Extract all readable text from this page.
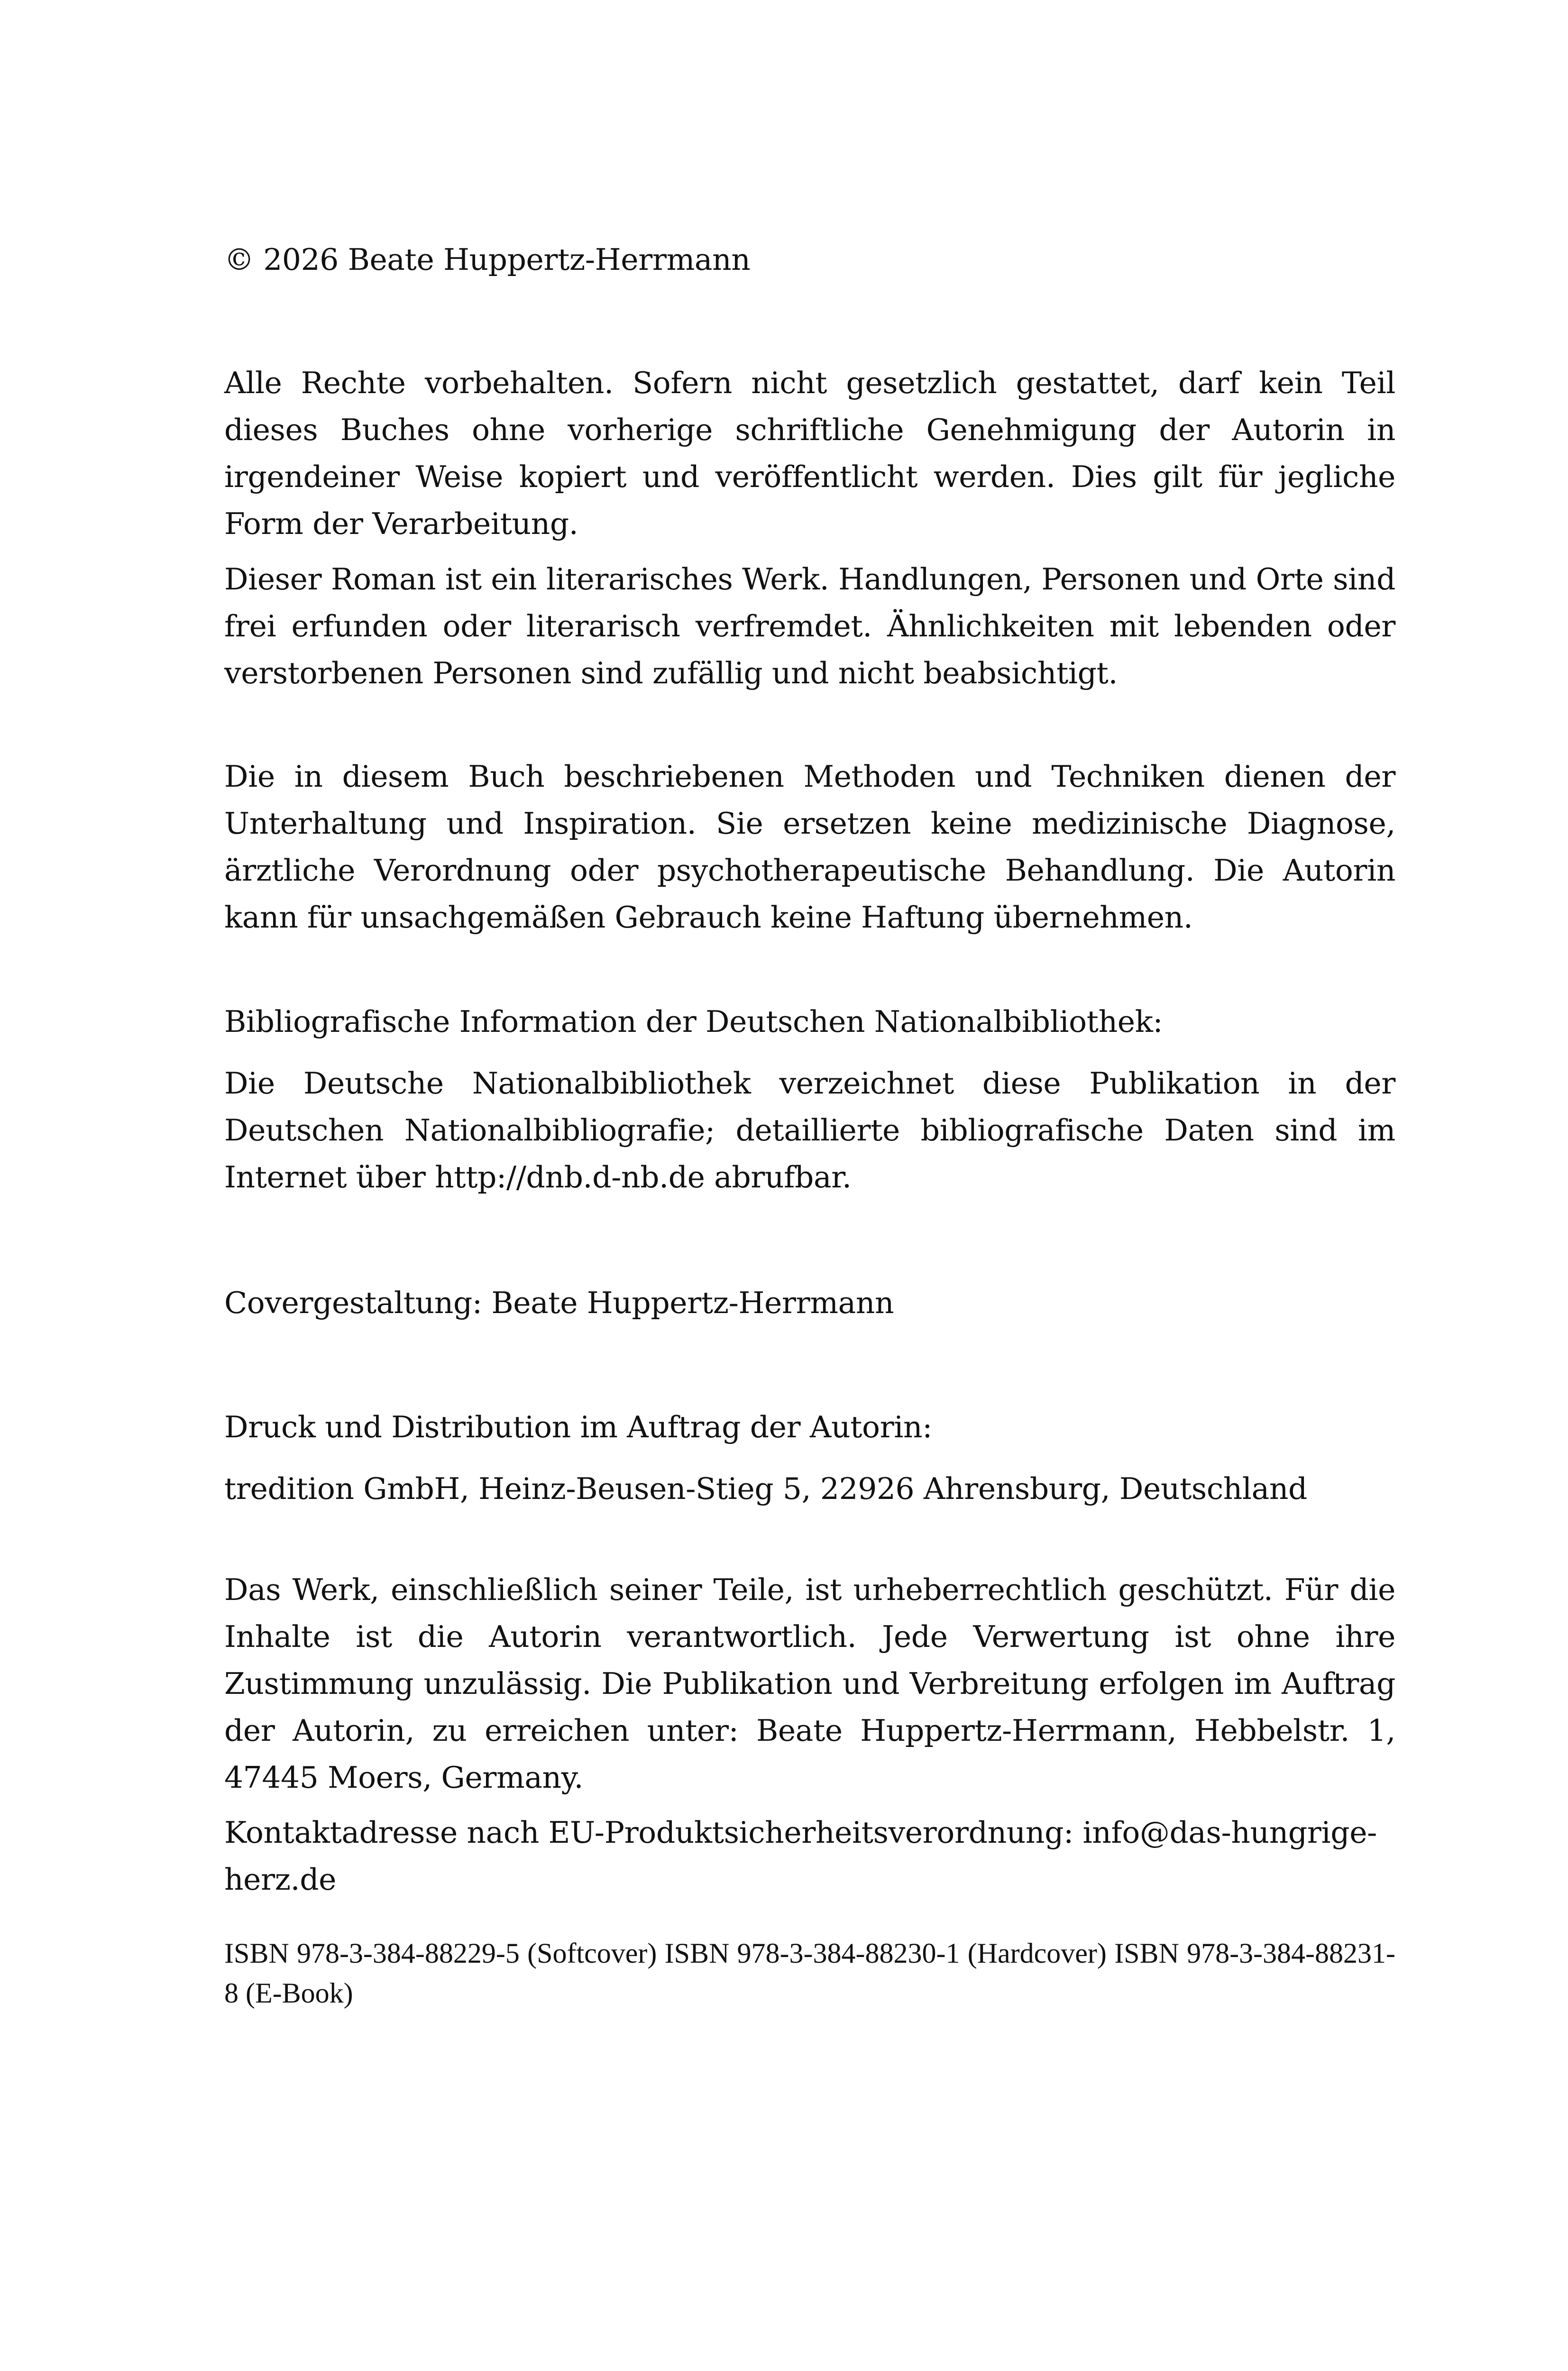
© 2026 Beate Huppertz-Herrmann

Alle Rechte vorbehalten. Sofern nicht gesetzlich gestattet, darf kein Teil dieses Buches ohne vorherige schriftliche Genehmigung der Autorin in irgendeiner Weise kopiert und veröffentlicht werden. Dies gilt für jegliche Form der Verarbeitung.

Dieser Roman ist ein literarisches Werk. Handlungen, Personen und Orte sind frei erfunden oder literarisch verfremdet. Ähnlichkeiten mit lebenden oder verstorbenen Personen sind zufällig und nicht beabsichtigt.

Die in diesem Buch beschriebenen Methoden und Techniken dienen der Unterhaltung und Inspiration. Sie ersetzen keine medizinische Diagnose, ärztliche Verordnung oder psychotherapeutische Behandlung. Die Autorin kann für unsachgemäßen Gebrauch keine Haftung übernehmen.

Bibliografische Information der Deutschen Nationalbibliothek:

Die Deutsche Nationalbibliothek verzeichnet diese Publikation in der Deutschen Nationalbibliografie; detaillierte bibliografische Daten sind im Internet über http://dnb.d-nb.de abrufbar.

Covergestaltung: Beate Huppertz-Herrmann

Druck und Distribution im Auftrag der Autorin:

tredition GmbH, Heinz-Beusen-Stieg 5, 22926 Ahrensburg, Deutschland

Das Werk, einschließlich seiner Teile, ist urheberrechtlich geschützt. Für die Inhalte ist die Autorin verantwortlich. Jede Verwertung ist ohne ihre Zustimmung unzulässig. Die Publikation und Verbreitung erfolgen im Auftrag der Autorin, zu erreichen unter: Beate Huppertz-Herrmann, Hebbelstr. 1, 47445 Moers, Germany.

Kontaktadresse nach EU-Produktsicherheitsverordnung: info@das-hungrige-herz.de

ISBN 978-3-384-88229-5 (Softcover) ISBN 978-3-384-88230-1 (Hardcover) ISBN 978-3-384-88231-8 (E-Book)
